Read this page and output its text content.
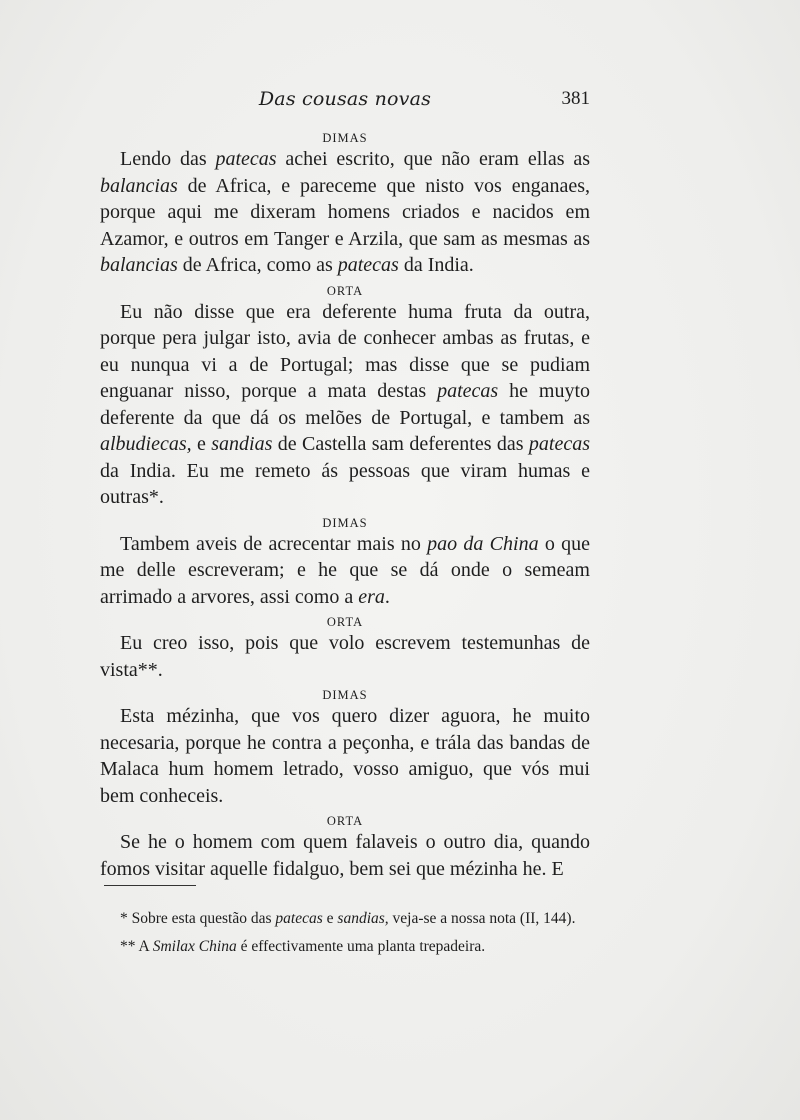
Das cousas novas	381

DIMAS

Lendo das patecas achei escrito, que não eram ellas as balancias de Africa, e pareceme que nisto vos enganaes, porque aqui me dixeram homens criados e nacidos em Azamor, e outros em Tanger e Arzila, que sam as mesmas as balancias de Africa, como as patecas da India.

ORTA

Eu não disse que era deferente huma fruta da outra, porque pera julgar isto, avia de conhecer ambas as frutas, e eu nunqua vi a de Portugal; mas disse que se pudiam enguanar nisso, porque a mata destas patecas he muyto deferente da que dá os melões de Portugal, e tambem as albudiecas, e sandias de Castella sam deferentes das patecas da India. Eu me remeto ás pessoas que viram humas e outras*.

DIMAS

Tambem aveis de acrecentar mais no pao da China o que me delle escreveram; e he que se dá onde o semeam arrimado a arvores, assi como a era.

ORTA

Eu creo isso, pois que volo escrevem testemunhas de vista**.

DIMAS

Esta mézinha, que vos quero dizer aguora, he muito necesaria, porque he contra a peçonha, e trála das bandas de Malaca hum homem letrado, vosso amiguo, que vós mui bem conheceis.

ORTA

Se he o homem com quem falaveis o outro dia, quando fomos visitar aquelle fidalguo, bem sei que mézinha he. E

* Sobre esta questão das patecas e sandias, veja-se a nossa nota (II, 144).

** A Smilax China é effectivamente uma planta trepadeira.
